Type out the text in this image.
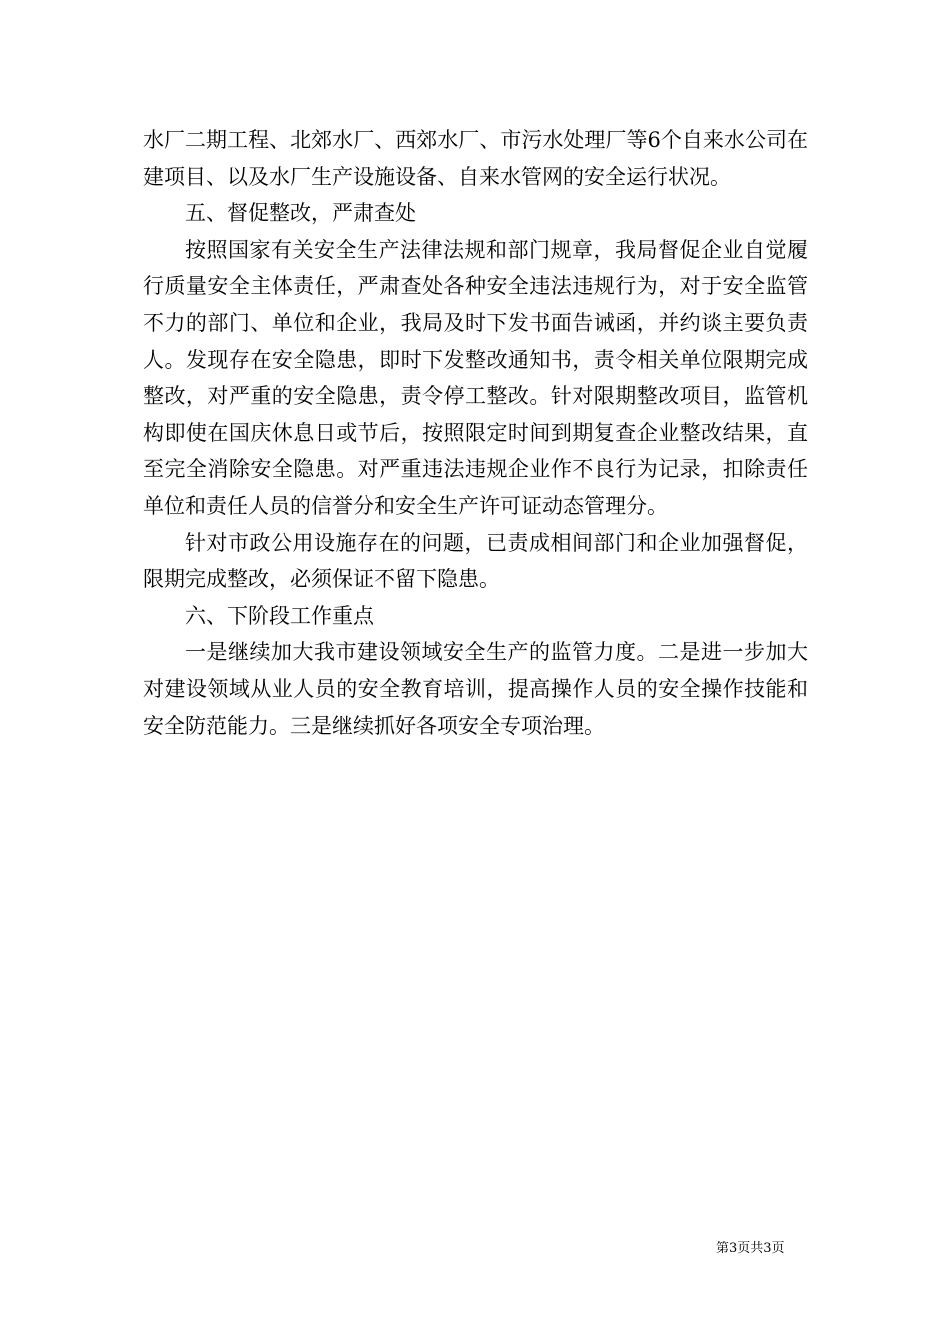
水厂二期工程、北郊水厂、西郊水厂、市污水处理厂等6个自来水公司在建项目、以及水厂生产设施设备、自来水管网的安全运行状况。

五、督促整改，严肃查处

按照国家有关安全生产法律法规和部门规章，我局督促企业自觉履行质量安全主体责任，严肃查处各种安全违法违规行为，对于安全监管不力的部门、单位和企业，我局及时下发书面告诫函，并约谈主要负责人。发现存在安全隐患，即时下发整改通知书，责令相关单位限期完成整改，对严重的安全隐患，责令停工整改。针对限期整改项目，监管机构即使在国庆休息日或节后，按照限定时间到期复查企业整改结果，直至完全消除安全隐患。对严重违法违规企业作不良行为记录，扣除责任单位和责任人员的信誉分和安全生产许可证动态管理分。

针对市政公用设施存在的问题，已责成相间部门和企业加强督促，限期完成整改，必须保证不留下隐患。

六、下阶段工作重点

一是继续加大我市建设领域安全生产的监管力度。二是进一步加大对建设领域从业人员的安全教育培训，提高操作人员的安全操作技能和安全防范能力。三是继续抓好各项安全专项治理。

第3页共3页
